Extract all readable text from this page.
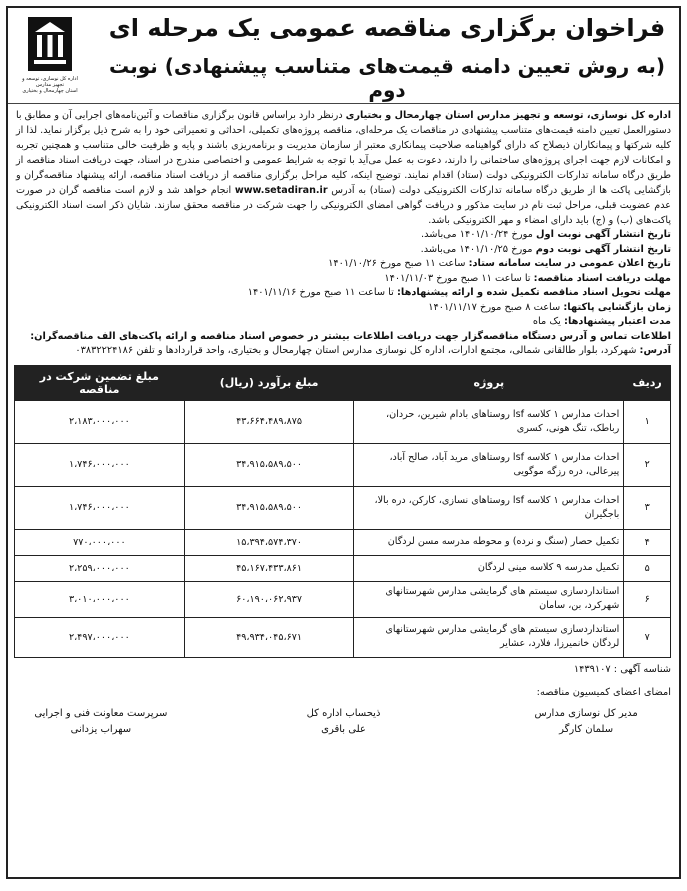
فراخوان برگزاری مناقصه عمومی یک مرحله ای
(به روش تعیین دامنه قیمت‌های متناسب پیشنهادی) نوبت دوم
اداره کل نوسازی، توسعه و تجهیز مدارس
استان چهارمحال و بختیاری
اداره کل نوسازی، توسعه و تجهیز مدارس استان چهارمحال و بختیاری درنظر دارد براساس قانون برگزاری مناقصات و آئین‌نامه‌های اجرایی آن و مطابق با دستورالعمل تعیین دامنه قیمت‌های متناسب پیشنهادی در مناقصات یک مرحله‌ای، مناقصه پروژه‌های تکمیلی، احداثی و تعمیراتی خود را به شرح ذیل برگزار نماید. لذا از کلیه شرکتها و پیمانکاران ذیصلاح که دارای گواهینامه صلاحیت پیمانکاری معتبر از سازمان مدیریت و برنامه‌ریزی باشند و پایه و ظرفیت خالی متناسب و همچنین تجربه و امکانات لازم جهت اجرای پروژه‌های ساختمانی را دارند، دعوت به عمل می‌آید با توجه به شرایط عمومی و اختصاصی مندرج در اسناد، جهت دریافت اسناد مناقصه از طریق درگاه سامانه تدارکات الکترونیکی دولت (ستاد) اقدام نمایند. توضیح اینکه، کلیه مراحل برگزاری مناقصه از دریافت اسناد مناقصه، ارائه پیشنهاد مناقصه‌گران و بازگشایی پاکت ها از طریق درگاه سامانه تدارکات الکترونیکی دولت (ستاد) به آدرس www.setadiran.ir انجام خواهد شد و لازم است مناقصه گران در صورت عدم عضویت قبلی، مراحل ثبت نام در سایت مذکور و دریافت گواهی امضای الکترونیکی را جهت شرکت در مناقصه محقق سازند. شایان ذکر است اسناد الکترونیکی پاکت‌های (ب) و (ج) باید دارای امضاء و مهر الکترونیکی باشد.
تاریخ انتشار آگهی نوبت اول مورخ ۱۴۰۱/۱۰/۲۴ می‌باشد.
تاریخ انتشار آگهی نوبت دوم مورخ ۱۴۰۱/۱۰/۲۵ می‌باشد.
تاریخ اعلان عمومی در سایت سامانه ستاد: ساعت ۱۱ صبح مورخ ۱۴۰۱/۱۰/۲۶
مهلت دریافت اسناد مناقصه: تا ساعت ۱۱ صبح مورخ ۱۴۰۱/۱۱/۰۳
مهلت تحویل اسناد مناقصه تکمیل شده و ارائه پیشنهادها: تا ساعت ۱۱ صبح مورخ ۱۴۰۱/۱۱/۱۶
زمان بازگشایی پاکتها: ساعت ۸ صبح مورخ ۱۴۰۱/۱۱/۱۷
مدت اعتبار پیشنهادها: یک ماه
اطلاعات تماس و آدرس دستگاه مناقصه‌گزار جهت دریافت اطلاعات بیشتر در خصوص اسناد مناقصه و ارائه پاکت‌های الف مناقصه‌گران:
آدرس: شهرکرد، بلوار طالقانی شمالی، مجتمع ادارات، اداره کل نوسازی مدارس استان چهارمحال و بختیاری، واحد قراردادها و تلفن ۰۳۸۳۲۲۲۴۱۸۶
ردیف	پروژه	مبلغ برآورد (ریال)	مبلغ تضمین شرکت در مناقصه
۱	احداث مدارس ۱ کلاسه lsf روستاهای بادام شیرین، حردان، رباطک، تنگ هونی، کسری	۴۳،۶۶۴،۴۸۹،۸۷۵	۲،۱۸۳،۰۰۰،۰۰۰
۲	احداث مدارس ۱ کلاسه lsf روستاهای مرید آباد، صالح آباد، پیرعالی، دره رزگه موگویی	۳۴،۹۱۵،۵۸۹،۵۰۰	۱،۷۴۶،۰۰۰،۰۰۰
۳	احداث مدارس ۱ کلاسه lsf روستاهای نسازی، کارکن، دره بالا، باجگیران	۳۴،۹۱۵،۵۸۹،۵۰۰	۱،۷۴۶،۰۰۰،۰۰۰
۴	تکمیل حصار (سنگ و نرده) و محوطه مدرسه مسن لردگان	۱۵،۳۹۴،۵۷۴،۳۷۰	۷۷۰،۰۰۰،۰۰۰
۵	تکمیل مدرسه ۹ کلاسه مینی لردگان	۴۵،۱۶۷،۴۳۳،۸۶۱	۲،۲۵۹،۰۰۰،۰۰۰
۶	استانداردسازی سیستم های گرمایشی مدارس شهرستانهای شهرکرد، بن، سامان	۶۰،۱۹۰،۰۶۲،۹۳۷	۳،۰۱۰،۰۰۰،۰۰۰
۷	استانداردسازی سیستم های گرمایشی مدارس شهرستانهای لردگان خانمیرزا، فلارد، عشایر	۴۹،۹۳۴،۰۴۵،۶۷۱	۲،۴۹۷،۰۰۰،۰۰۰
شناسه آگهی : ۱۴۳۹۱۰۷
امضای اعضای کمیسیون مناقصه:
مدیر کل نوسازی مدارس
سلمان کارگر
ذیحساب اداره کل
علی باقری
سرپرست معاونت فنی و اجرایی
سهراب یزدانی
